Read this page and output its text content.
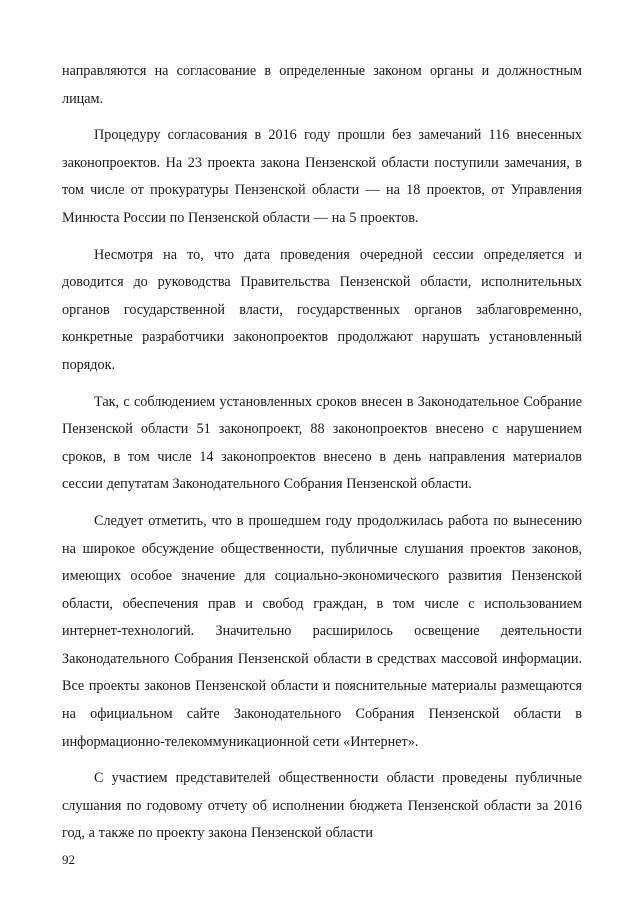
направляются на согласование в определенные законом органы и должностным лицам.

Процедуру согласования в 2016 году прошли без замечаний 116 внесенных законопроектов. На 23 проекта закона Пензенской области поступили замечания, в том числе от прокуратуры Пензенской области — на 18 проектов, от Управления Минюста России по Пензенской области — на 5 проектов.

Несмотря на то, что дата проведения очередной сессии определяется и доводится до руководства Правительства Пензенской области, исполнительных органов государственной власти, государственных органов заблаговременно, конкретные разработчики законопроектов продолжают нарушать установленный порядок.

Так, с соблюдением установленных сроков внесен в Законодательное Собрание Пензенской области 51 законопроект, 88 законопроектов внесено с нарушением сроков, в том числе 14 законопроектов внесено в день направления материалов сессии депутатам Законодательного Собрания Пензенской области.

Следует отметить, что в прошедшем году продолжилась работа по вынесению на широкое обсуждение общественности, публичные слушания проектов законов, имеющих особое значение для социально-экономического развития Пензенской области, обеспечения прав и свобод граждан, в том числе с использованием интернет-технологий. Значительно расширилось освещение деятельности Законодательного Собрания Пензенской области в средствах массовой информации. Все проекты законов Пензенской области и пояснительные материалы размещаются на официальном сайте Законодательного Собрания Пензенской области в информационно-телекоммуникационной сети «Интернет».

С участием представителей общественности области проведены публичные слушания по годовому отчету об исполнении бюджета Пензенской области за 2016 год, а также по проекту закона Пензенской области

92
